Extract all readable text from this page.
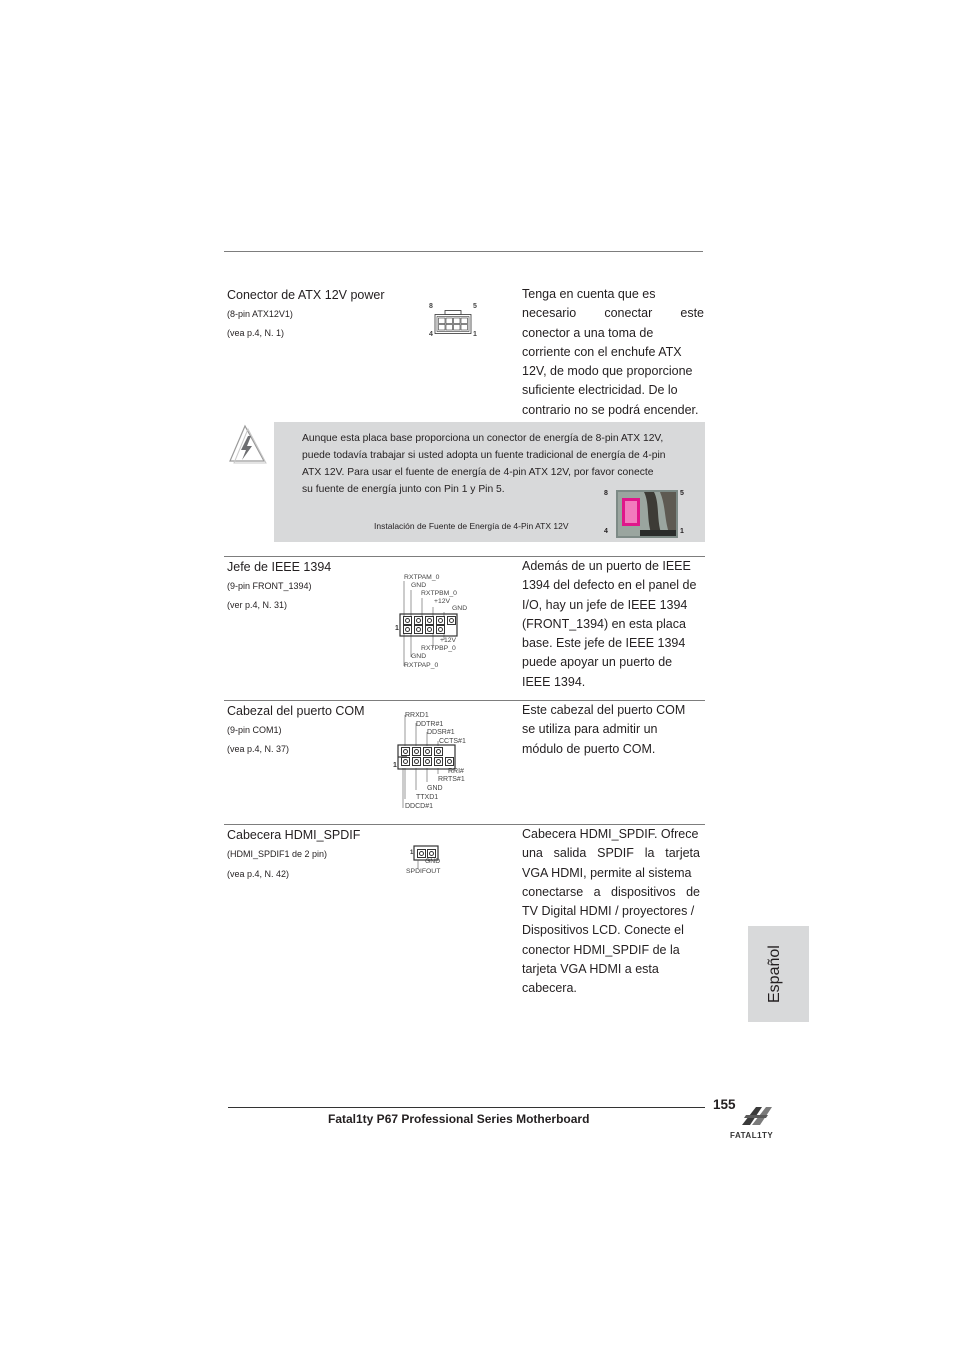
Conector de ATX 12V power
(8-pin ATX12V1)
(vea p.4, N. 1)
8	5
4	1

Tenga en cuenta que es

necesario conectar este

conector a una toma de

corriente con el enchufe ATX

12V, de modo que proporcione

suficiente electricidad. De lo

contrario no se podrá encender.

Aunque esta placa base proporciona un conector de energía de 8-pin ATX 12V,

puede todavía trabajar si usted adopta un fuente tradicional de energía de 4-pin

ATX 12V. Para usar el fuente de energía de 4-pin ATX 12V, por favor conecte

su fuente de energía junto con Pin 1 y Pin 5.

Instalación de Fuente de Energía de 4-Pin ATX 12V
8	5
4	1
Jefe de IEEE 1394
(9-pin FRONT_1394)
(ver p.4, N. 31)
1
RXTPAM_0
GND
RXTPBM_0
+12V
GND
+12V
RXTPBP_0
GND
RXTPAP_0

Además de un puerto de IEEE

1394 del defecto en el panel de

I/O, hay un jefe de IEEE 1394

(FRONT_1394) en esta placa

base. Este jefe de IEEE 1394

puede apoyar un puerto de

IEEE 1394.

Cabezal del puerto COM
(9-pin COM1)
(vea p.4, N. 37)
1
RRXD1
DDTR#1
DDSR#1
CCTS#1
RRI#
RRTS#1
GND
TTXD1
DDCD#1

Este cabezal del puerto COM

se utiliza para admitir un

módulo de puerto COM.

Cabecera HDMI_SPDIF
(HDMI_SPDIF1 de 2 pin)
(vea p.4, N. 42)
1
GND
SPDIFOUT

Cabecera HDMI_SPDIF. Ofrece

una salida SPDIF la tarjeta

VGA HDMI, permite al sistema

conectarse a dispositivos de

TV Digital HDMI / proyectores /

Dispositivos LCD. Conecte el

conector HDMI_SPDIF de la

tarjeta VGA HDMI a esta

cabecera.	Español
Fatal1ty P67 Professional Series Motherboard
155
FATAL1TY
